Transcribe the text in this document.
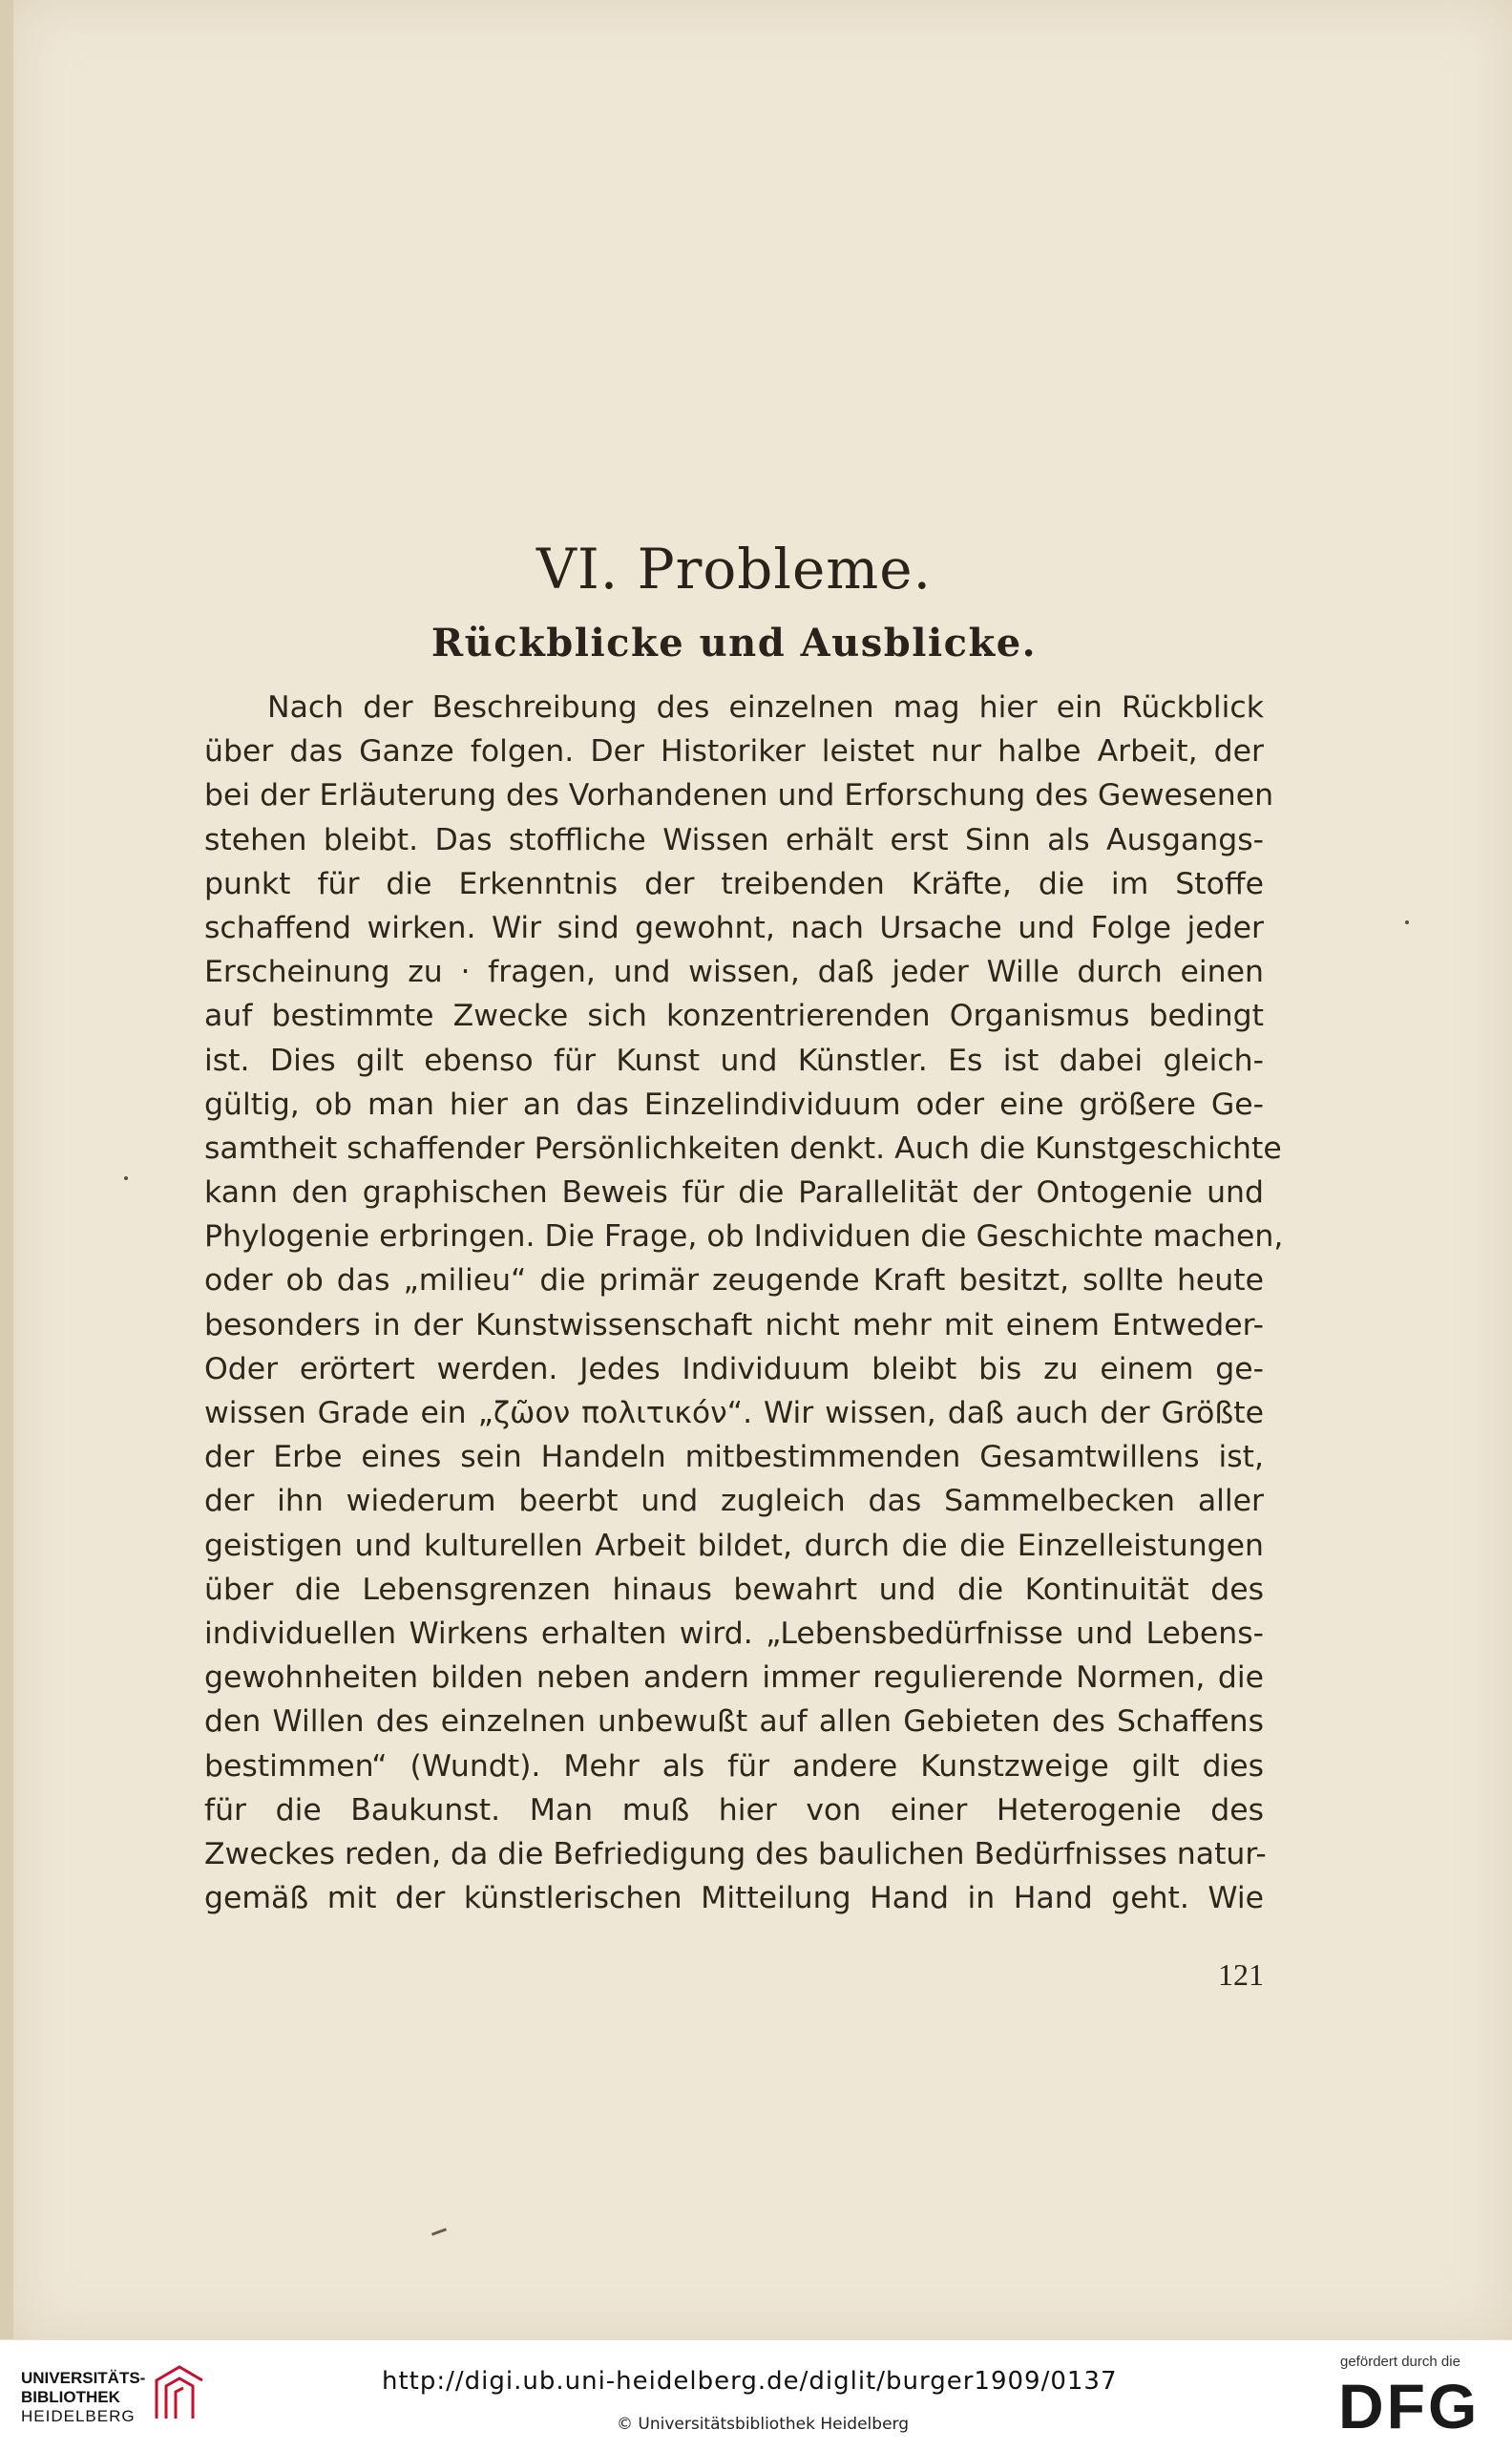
VI. Probleme.
Rückblicke und Ausblicke.
Nach der Beschreibung des einzelnen mag hier ein Rückblick
über das Ganze folgen. Der Historiker leistet nur halbe Arbeit, der
bei der Erläuterung des Vorhandenen und Erforschung des Gewesenen
stehen bleibt. Das stoffliche Wissen erhält erst Sinn als Ausgangs-
punkt für die Erkenntnis der treibenden Kräfte, die im Stoffe
schaffend wirken. Wir sind gewohnt, nach Ursache und Folge jeder
Erscheinung zu · fragen, und wissen, daß jeder Wille durch einen
auf bestimmte Zwecke sich konzentrierenden Organismus bedingt
ist. Dies gilt ebenso für Kunst und Künstler. Es ist dabei gleich-
gültig, ob man hier an das Einzelindividuum oder eine größere Ge-
samtheit schaffender Persönlichkeiten denkt. Auch die Kunstgeschichte
kann den graphischen Beweis für die Parallelität der Ontogenie und
Phylogenie erbringen. Die Frage, ob Individuen die Geschichte machen,
oder ob das „milieu“ die primär zeugende Kraft besitzt, sollte heute
besonders in der Kunstwissenschaft nicht mehr mit einem Entweder-
Oder erörtert werden. Jedes Individuum bleibt bis zu einem ge-
wissen Grade ein „ζῶον πολιτικόν“. Wir wissen, daß auch der Größte
der Erbe eines sein Handeln mitbestimmenden Gesamtwillens ist,
der ihn wiederum beerbt und zugleich das Sammelbecken aller
geistigen und kulturellen Arbeit bildet, durch die die Einzelleistungen
über die Lebensgrenzen hinaus bewahrt und die Kontinuität des
individuellen Wirkens erhalten wird. „Lebensbedürfnisse und Lebens-
gewohnheiten bilden neben andern immer regulierende Normen, die
den Willen des einzelnen unbewußt auf allen Gebieten des Schaffens
bestimmen“ (Wundt). Mehr als für andere Kunstzweige gilt dies
für die Baukunst. Man muß hier von einer Heterogenie des
Zweckes reden, da die Befriedigung des baulichen Bedürfnisses natur-
gemäß mit der künstlerischen Mitteilung Hand in Hand geht. Wie
121
UNIVERSITÄTS-
BIBLIOTHEK
HEIDELBERG
http://digi.ub.uni-heidelberg.de/diglit/burger1909/0137
© Universitätsbibliothek Heidelberg
gefördert durch die
DFG
